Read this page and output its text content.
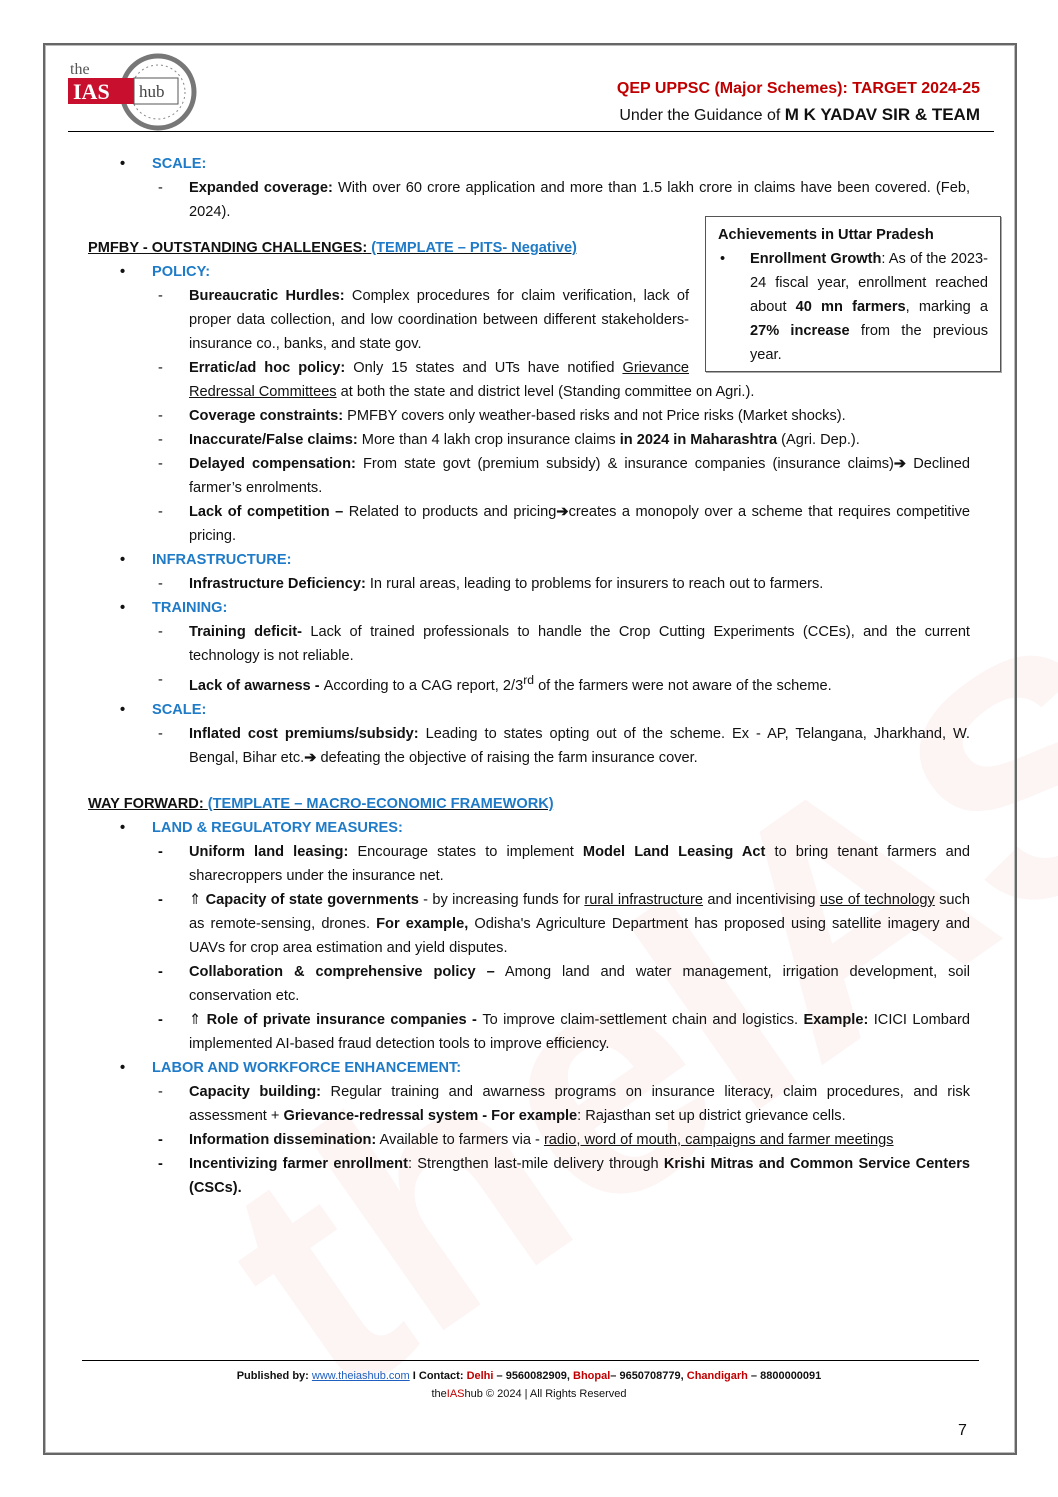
the
IAS hub	QEP UPPSC (Major Schemes): TARGET 2024-25
Under the Guidance of M K YADAV SIR & TEAM
• SCALE:
- Expanded coverage: With over 60 crore application and more than 1.5 lakh crore in claims have been covered. (Feb, 2024).
Achievements in Uttar Pradesh
• Enrollment Growth: As of the 2023-24 fiscal year, enrollment reached about 40 mn farmers, marking a 27% increase from the previous year.
PMFBY - OUTSTANDING CHALLENGES: (TEMPLATE – PITS- Negative)
• POLICY:
- Bureaucratic Hurdles: Complex procedures for claim verification, lack of proper data collection, and low coordination between different stakeholders-insurance co., banks, and state gov.
- Erratic/ad hoc policy: Only 15 states and UTs have notified Grievance Redressal Committees at both the state and district level (Standing committee on Agri.).
- Coverage constraints: PMFBY covers only weather-based risks and not Price risks (Market shocks).
- Inaccurate/False claims: More than 4 lakh crop insurance claims in 2024 in Maharashtra (Agri. Dep.).
- Delayed compensation: From state govt (premium subsidy) & insurance companies (insurance claims)➔ Declined farmer’s enrolments.
- Lack of competition – Related to products and pricing➔creates a monopoly over a scheme that requires competitive pricing.
• INFRASTRUCTURE:
- Infrastructure Deficiency: In rural areas, leading to problems for insurers to reach out to farmers.
• TRAINING:
- Training deficit- Lack of trained professionals to handle the Crop Cutting Experiments (CCEs), and the current technology is not reliable.
- Lack of awarness - According to a CAG report, 2/3rd of the farmers were not aware of the scheme.
• SCALE:
- Inflated cost premiums/subsidy: Leading to states opting out of the scheme. Ex - AP, Telangana, Jharkhand, W. Bengal, Bihar etc.➔ defeating the objective of raising the farm insurance cover.
WAY FORWARD: (TEMPLATE – MACRO-ECONOMIC FRAMEWORK)
• LAND & REGULATORY MEASURES:
- Uniform land leasing: Encourage states to implement Model Land Leasing Act to bring tenant farmers and sharecroppers under the insurance net.
- ⇑ Capacity of state governments - by increasing funds for rural infrastructure and incentivising use of technology such as remote-sensing, drones. For example, Odisha's Agriculture Department has proposed using satellite imagery and UAVs for crop area estimation and yield disputes.
- Collaboration & comprehensive policy – Among land and water management, irrigation development, soil conservation etc.
- ⇑ Role of private insurance companies - To improve claim-settlement chain and logistics. Example: ICICI Lombard implemented AI-based fraud detection tools to improve efficiency.
• LABOR AND WORKFORCE ENHANCEMENT:
- Capacity building: Regular training and awarness programs on insurance literacy, claim procedures, and risk assessment + Grievance-redressal system - For example: Rajasthan set up district grievance cells.
- Information dissemination: Available to farmers via - radio, word of mouth, campaigns and farmer meetings
- Incentivizing farmer enrollment: Strengthen last-mile delivery through Krishi Mitras and Common Service Centers (CSCs).
Published by: www.theiashub.com I Contact: Delhi – 9560082909, Bhopal– 9650708779, Chandigarh – 8800000091
theIAShub © 2024 | All Rights Reserved
7
